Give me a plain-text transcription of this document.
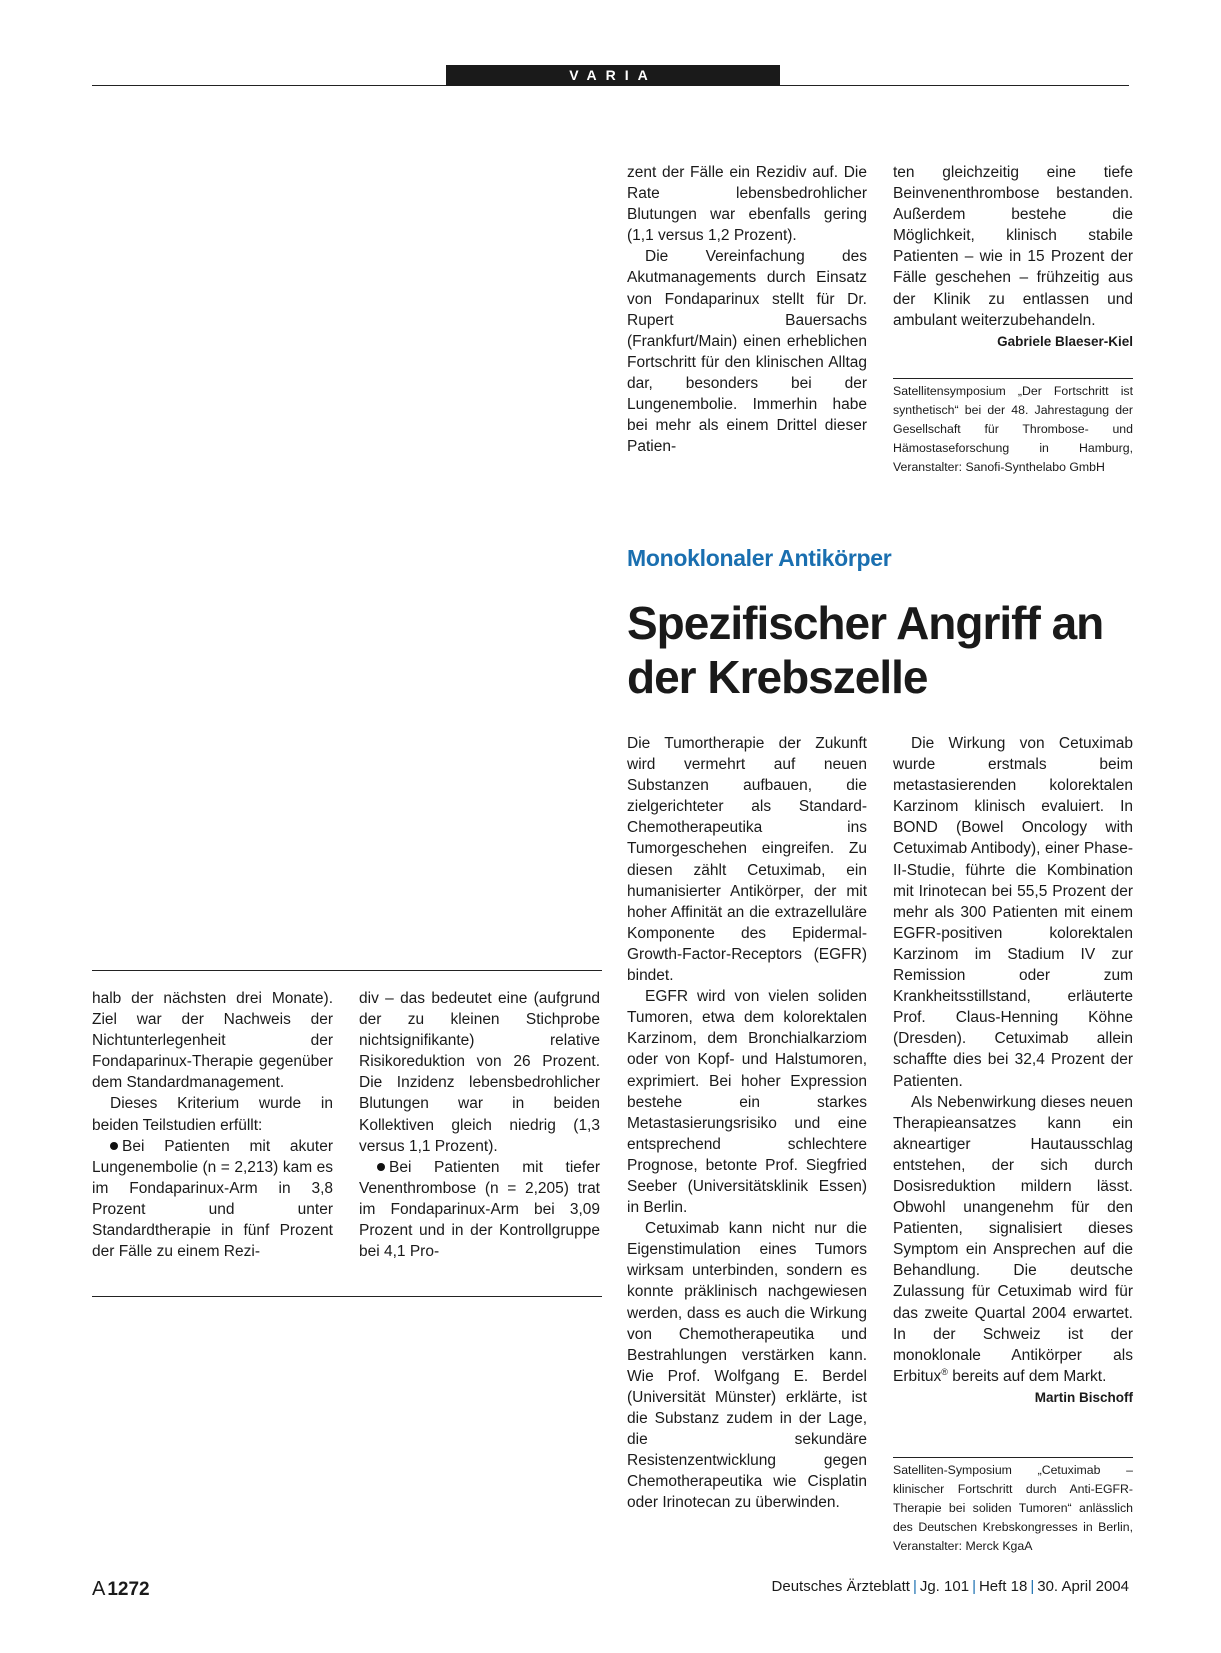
VARIA

zent der Fälle ein Rezidiv auf. Die Rate lebensbedrohlicher Blutungen war ebenfalls gering (1,1 versus 1,2 Prozent).

Die Vereinfachung des Akutmanagements durch Einsatz von Fondaparinux stellt für Dr. Rupert Bauersachs (Frankfurt/Main) einen erheblichen Fortschritt für den klinischen Alltag dar, besonders bei der Lungenembolie. Immerhin habe bei mehr als einem Drittel dieser Patien-

ten gleichzeitig eine tiefe Beinvenenthrombose bestanden. Außerdem bestehe die Möglichkeit, klinisch stabile Patienten – wie in 15 Prozent der Fälle geschehen – frühzeitig aus der Klinik zu entlassen und ambulant weiterzubehandeln.
Gabriele Blaeser-Kiel

Satellitensymposium „Der Fortschritt ist synthetisch“ bei der 48. Jahrestagung der Gesellschaft für Thrombose- und Hämostaseforschung in Hamburg, Veranstalter: Sanofi-Synthelabo GmbH
Monoklonaler Antikörper
Spezifischer Angriff an der Krebszelle

Die Tumortherapie der Zukunft wird vermehrt auf neuen Substanzen aufbauen, die zielgerichteter als Standard-Chemotherapeutika ins Tumorgeschehen eingreifen. Zu diesen zählt Cetuximab, ein humanisierter Antikörper, der mit hoher Affinität an die extrazelluläre Komponente des Epidermal-Growth-Factor-Receptors (EGFR) bindet.

EGFR wird von vielen soliden Tumoren, etwa dem kolorektalen Karzinom, dem Bronchialkarziom oder von Kopf- und Halstumoren, exprimiert. Bei hoher Expression bestehe ein starkes Metastasierungsrisiko und eine entsprechend schlechtere Prognose, betonte Prof. Siegfried Seeber (Universitätsklinik Essen) in Berlin.

Cetuximab kann nicht nur die Eigenstimulation eines Tumors wirksam unterbinden, sondern es konnte präklinisch nachgewiesen werden, dass es auch die Wirkung von Chemotherapeutika und Bestrahlungen verstärken kann. Wie Prof. Wolfgang E. Berdel (Universität Münster) erklärte, ist die Substanz zudem in der Lage, die sekundäre Resistenzentwicklung gegen Chemotherapeutika wie Cisplatin oder Irinotecan zu überwinden.

Die Wirkung von Cetuximab wurde erstmals beim metastasierenden kolorektalen Karzinom klinisch evaluiert. In BOND (Bowel Oncology with Cetuximab Antibody), einer Phase-II-Studie, führte die Kombination mit Irinotecan bei 55,5 Prozent der mehr als 300 Patienten mit einem EGFR-positiven kolorektalen Karzinom im Stadium IV zur Remission oder zum Krankheitsstillstand, erläuterte Prof. Claus-Henning Köhne (Dresden). Cetuximab allein schaffte dies bei 32,4 Prozent der Patienten.

Als Nebenwirkung dieses neuen Therapieansatzes kann ein akneartiger Hautausschlag entstehen, der sich durch Dosisreduktion mildern lässt. Obwohl unangenehm für den Patienten, signalisiert dieses Symptom ein Ansprechen auf die Behandlung. Die deutsche Zulassung für Cetuximab wird für das zweite Quartal 2004 erwartet. In der Schweiz ist der monoklonale Antikörper als Erbitux® bereits auf dem Markt.
Martin Bischoff

Satelliten-Symposium „Cetuximab – klinischer Fortschritt durch Anti-EGFR-Therapie bei soliden Tumoren“ anlässlich des Deutschen Krebskongresses in Berlin, Veranstalter: Merck KgaA

halb der nächsten drei Monate). Ziel war der Nachweis der Nichtunterlegenheit der Fondaparinux-Therapie gegenüber dem Standardmanagement.

Dieses Kriterium wurde in beiden Teilstudien erfüllt:

Bei Patienten mit akuter Lungenembolie (n = 2,213) kam es im Fondaparinux-Arm in 3,8 Prozent und unter Standardtherapie in fünf Prozent der Fälle zu einem Rezi-

div – das bedeutet eine (aufgrund der zu kleinen Stichprobe nichtsignifikante) relative Risikoreduktion von 26 Prozent. Die Inzidenz lebensbedrohlicher Blutungen war in beiden Kollektiven gleich niedrig (1,3 versus 1,1 Prozent).

Bei Patienten mit tiefer Venenthrombose (n = 2,205) trat im Fondaparinux-Arm bei 3,09 Prozent und in der Kontrollgruppe bei 4,1 Pro-

A 1272	Deutsches Ärzteblatt | Jg. 101 | Heft 18 | 30. April 2004
